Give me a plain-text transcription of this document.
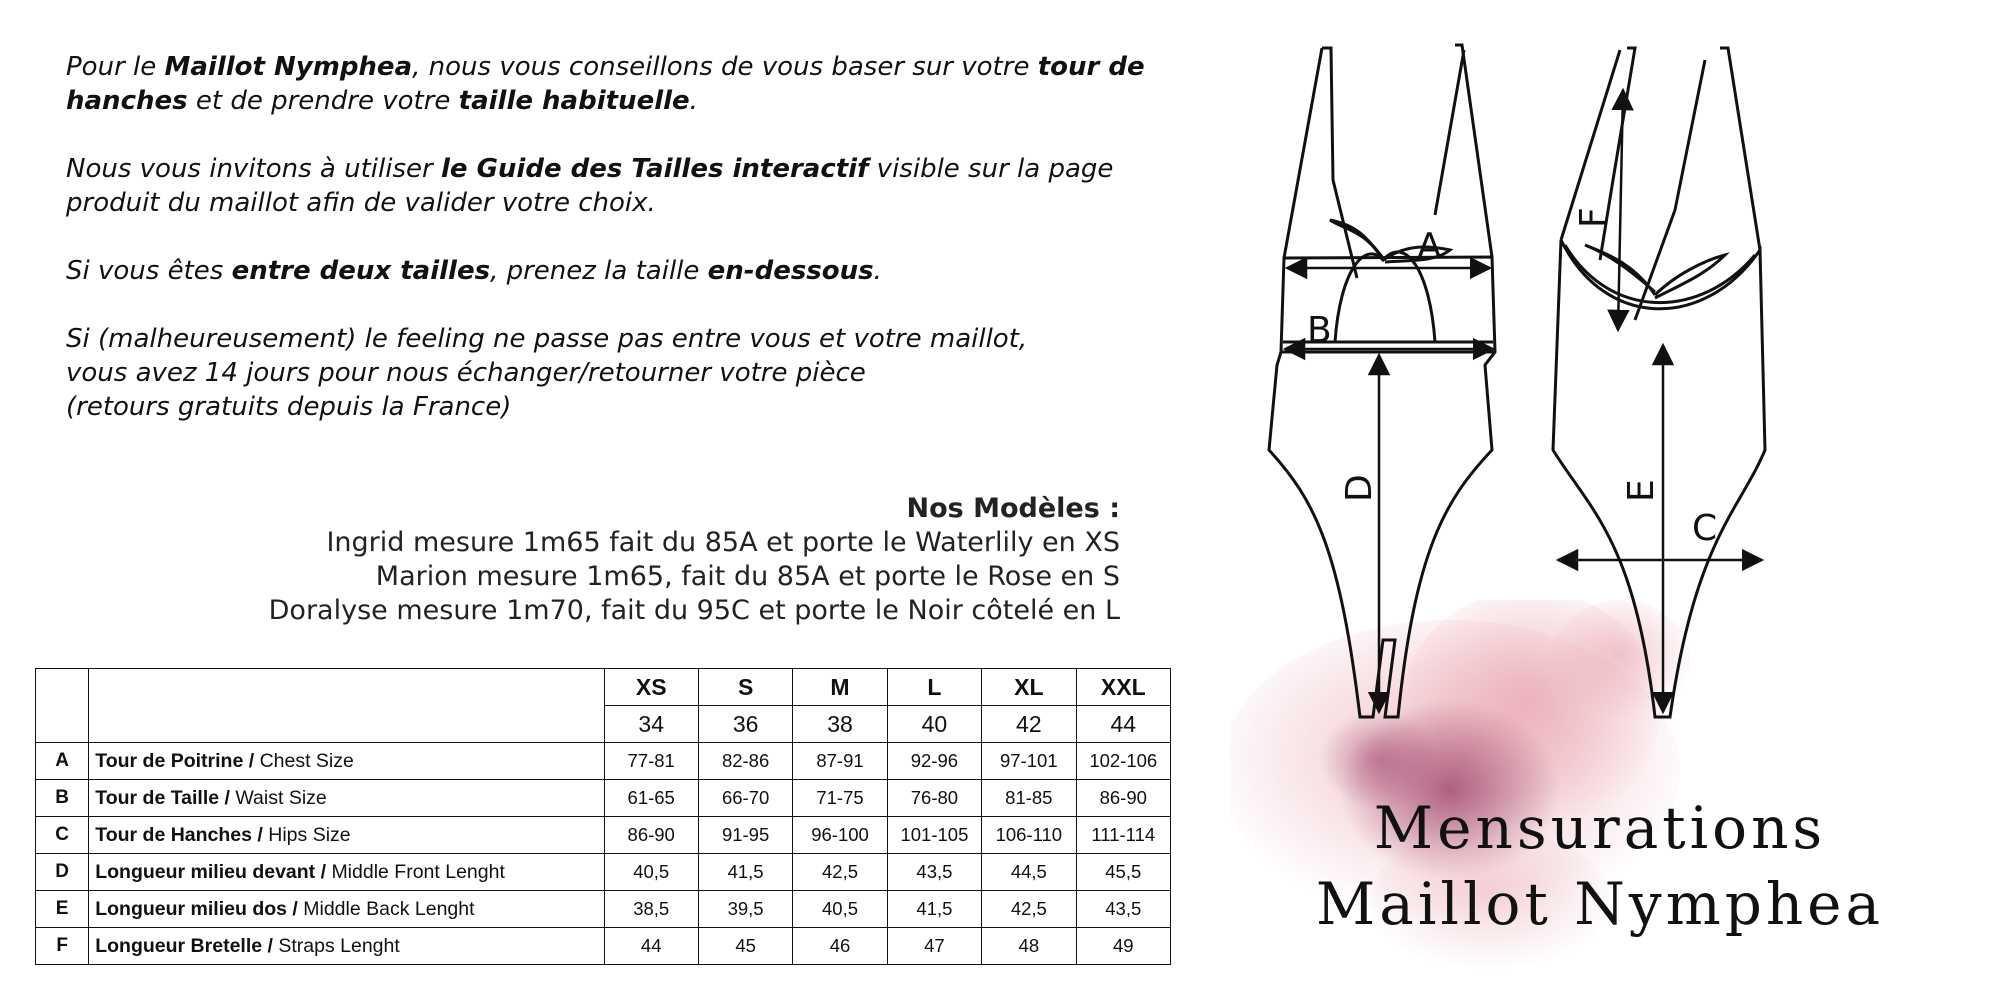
Pour le Maillot Nymphea, nous vous conseillons de vous baser sur votre tour de hanches et de prendre votre taille habituelle.

Nous vous invitons à utiliser le Guide des Tailles interactif visible sur la page produit du maillot afin de valider votre choix.

Si vous êtes entre deux tailles, prenez la taille en-dessous.

Si (malheureusement) le feeling ne passe pas entre vous et votre maillot,
vous avez 14 jours pour nous échanger/retourner votre pièce
(retours gratuits depuis la France)

Nos Modèles :
Ingrid mesure 1m65 fait du 85A et porte le Waterlily en XS
Marion mesure 1m65, fait du 85A et porte le Rose en S
Doralyse mesure 1m70, fait du 95C et porte le Noir côtelé en L
		XS	S	M	L	XL	XXL
		34	36	38	40	42	44
A	Tour de Poitrine / Chest Size	77-81	82-86	87-91	92-96	97-101	102-106
B	Tour de Taille / Waist Size	61-65	66-70	71-75	76-80	81-85	86-90
C	Tour de Hanches / Hips Size	86-90	91-95	96-100	101-105	106-110	111-114
D	Longueur milieu devant / Middle Front Lenght	40,5	41,5	42,5	43,5	44,5	45,5
E	Longueur milieu dos / Middle Back Lenght	38,5	39,5	40,5	41,5	42,5	43,5
F	Longueur Bretelle / Straps Lenght	44	45	46	47	48	49
A
B
C
D	E
F
Mensurations
Maillot Nymphea
